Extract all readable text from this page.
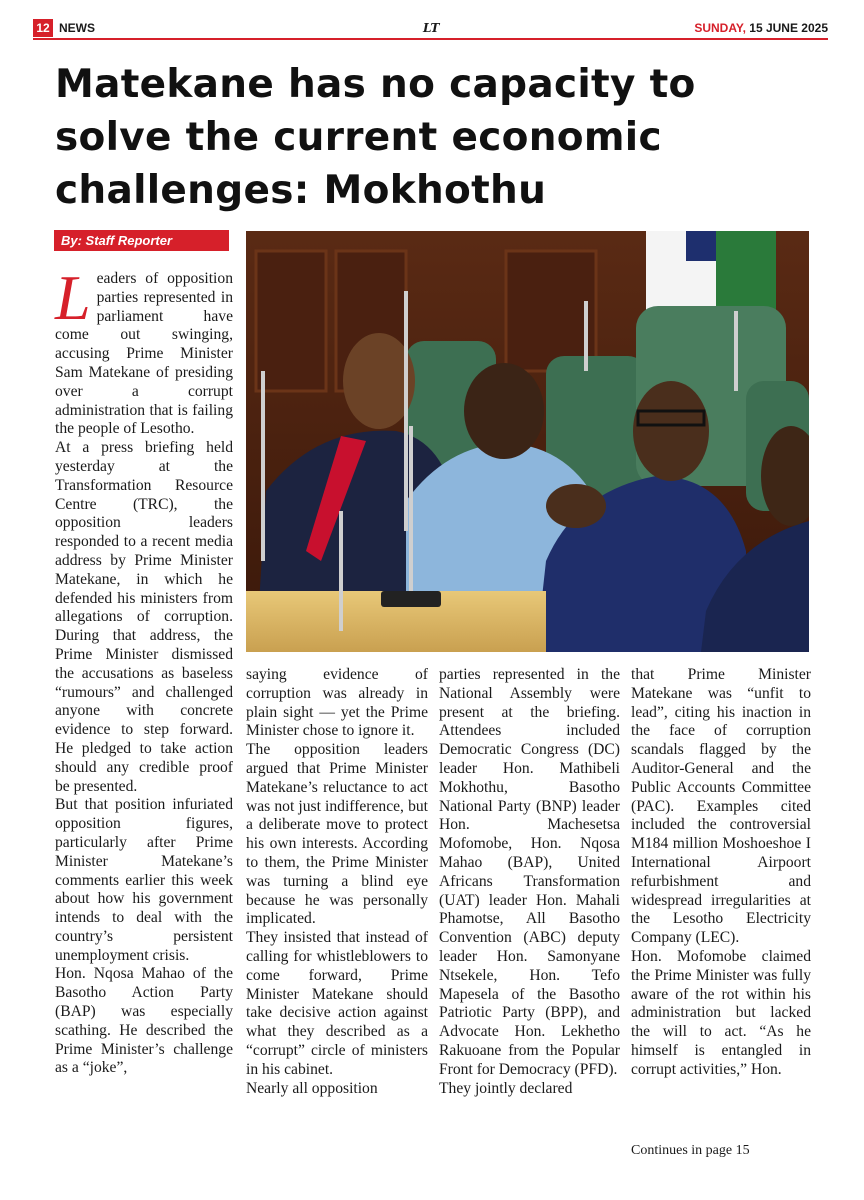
12 NEWS	LT	SUNDAY, 15 JUNE 2025
Matekane has no capacity to solve the current economic challenges: Mokhothu
By: Staff Reporter

Leaders of opposition parties represented in parliament have come out swinging, accusing Prime Minister Sam Matekane of presiding over a corrupt administration that is failing the people of Lesotho.

At a press briefing held yesterday at the Transformation Resource Centre (TRC), the opposition leaders responded to a recent media address by Prime Minister Matekane, in which he defended his ministers from allegations of corruption. During that address, the Prime Minister dismissed the accusations as baseless “rumours” and challenged anyone with concrete evidence to step forward. He pledged to take action should any credible proof be presented.

But that position infuriated opposition figures, particularly after Prime Minister Matekane’s comments earlier this week about how his government intends to deal with the country’s persistent unemployment crisis.

Hon. Nqosa Mahao of the Basotho Action Party (BAP) was especially scathing. He described the Prime Minister’s challenge as a “joke”,

saying evidence of corruption was already in plain sight — yet the Prime Minister chose to ignore it.

The opposition leaders argued that Prime Minister Matekane’s reluctance to act was not just indifference, but a deliberate move to protect his own interests. According to them, the Prime Minister was turning a blind eye because he was personally implicated.

They insisted that instead of calling for whistleblowers to come forward, Prime Minister Matekane should take decisive action against what they described as a “corrupt” circle of ministers in his cabinet.

Nearly all opposition

parties represented in the National Assembly were present at the briefing. Attendees included Democratic Congress (DC) leader Hon. Mathibeli Mokhothu, Basotho National Party (BNP) leader Hon. Machesetsa Mofomobe, Hon. Nqosa Mahao (BAP), United Africans Transformation (UAT) leader Hon. Mahali Phamotse, All Basotho Convention (ABC) deputy leader Hon. Samonyane Ntsekele, Hon. Tefo Mapesela of the Basotho Patriotic Party (BPP), and Advocate Hon. Lekhetho Rakuoane from the Popular Front for Democracy (PFD).

They jointly declared

that Prime Minister Matekane was “unfit to lead”, citing his inaction in the face of corruption scandals flagged by the Auditor-General and the Public Accounts Committee (PAC). Examples cited included the controversial M184 million Moshoeshoe I International Airpoort refurbishment and widespread irregularities at the Lesotho Electricity Company (LEC).

Hon. Mofomobe claimed the Prime Minister was fully aware of the rot within his administration but lacked the will to act. “As he himself is entangled in corrupt activities,” Hon.

Continues in page 15
